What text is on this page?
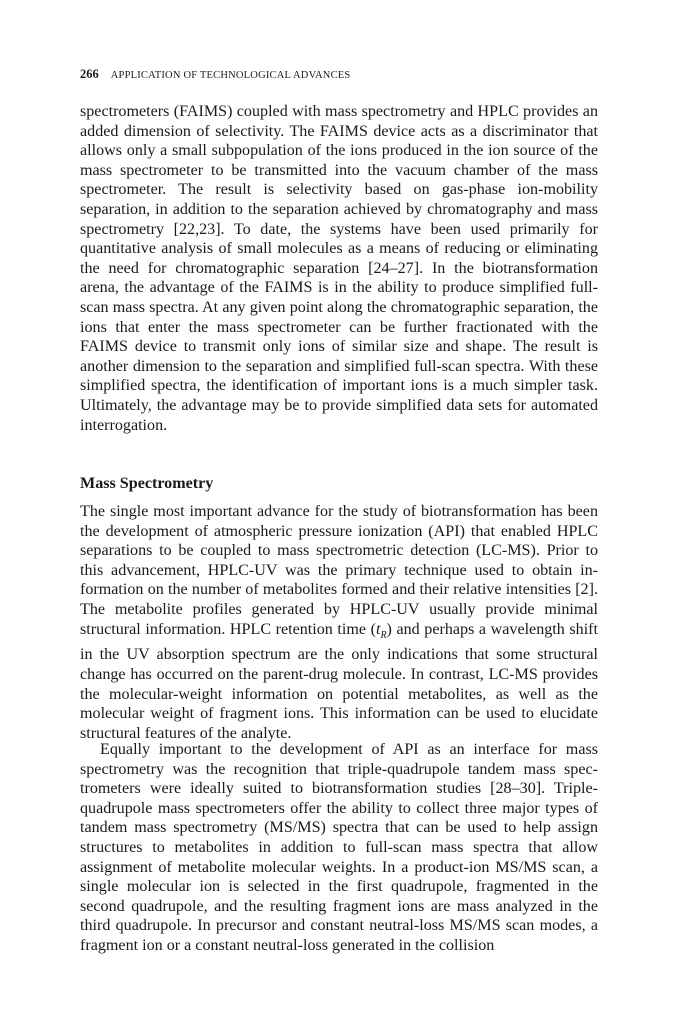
266 APPLICATION OF TECHNOLOGICAL ADVANCES

spectrometers (FAIMS) coupled with mass spectrometry and HPLC provides an added dimension of selectivity. The FAIMS device acts as a discriminator that allows only a small subpopulation of the ions produced in the ion source of the mass spectrometer to be transmitted into the vacuum chamber of the mass spectrometer. The result is selectivity based on gas-phase ion-mobility separation, in addition to the separation achieved by chromatography and mass spectrometry [22,23]. To date, the systems have been used primarily for quantitative analysis of small molecules as a means of reducing or eliminating the need for chromatographic separation [24–27]. In the biotransformation arena, the advantage of the FAIMS is in the ability to produce simplified full-scan mass spectra. At any given point along the chromatographic separation, the ions that enter the mass spectrometer can be further fractionated with the FAIMS device to transmit only ions of similar size and shape. The result is another dimension to the separation and simplified full-scan spectra. With these simplified spectra, the identification of important ions is a much simpler task. Ultimately, the advantage may be to provide simplified data sets for automated interrogation.

Mass Spectrometry

The single most important advance for the study of biotransformation has been the development of atmospheric pressure ionization (API) that enabled HPLC separations to be coupled to mass spectrometric detection (LC-MS). Prior to this advancement, HPLC-UV was the primary technique used to obtain information on the number of metabolites formed and their relative intensities [2]. The metabolite profiles generated by HPLC-UV usually provide minimal structural information. HPLC retention time $(t_R)$ and perhaps a wavelength shift in the UV absorption spectrum are the only indications that some structural change has occurred on the parent-drug molecule. In contrast, LC-MS provides the molecular-weight information on potential metabolites, as well as the molecular weight of fragment ions. This information can be used to elucidate structural features of the analyte.

Equally important to the development of API as an interface for mass spectrometry was the recognition that triple-quadrupole tandem mass spectrometers were ideally suited to biotransformation studies [28–30]. Triple-quadrupole mass spectrometers offer the ability to collect three major types of tandem mass spectrometry (MS/MS) spectra that can be used to help assign structures to metabolites in addition to full-scan mass spectra that allow assignment of metabolite molecular weights. In a product-ion MS/MS scan, a single molecular ion is selected in the first quadrupole, fragmented in the second quadrupole, and the resulting fragment ions are mass analyzed in the third quadrupole. In precursor and constant neutral-loss MS/MS scan modes, a fragment ion or a constant neutral-loss generated in the collision
